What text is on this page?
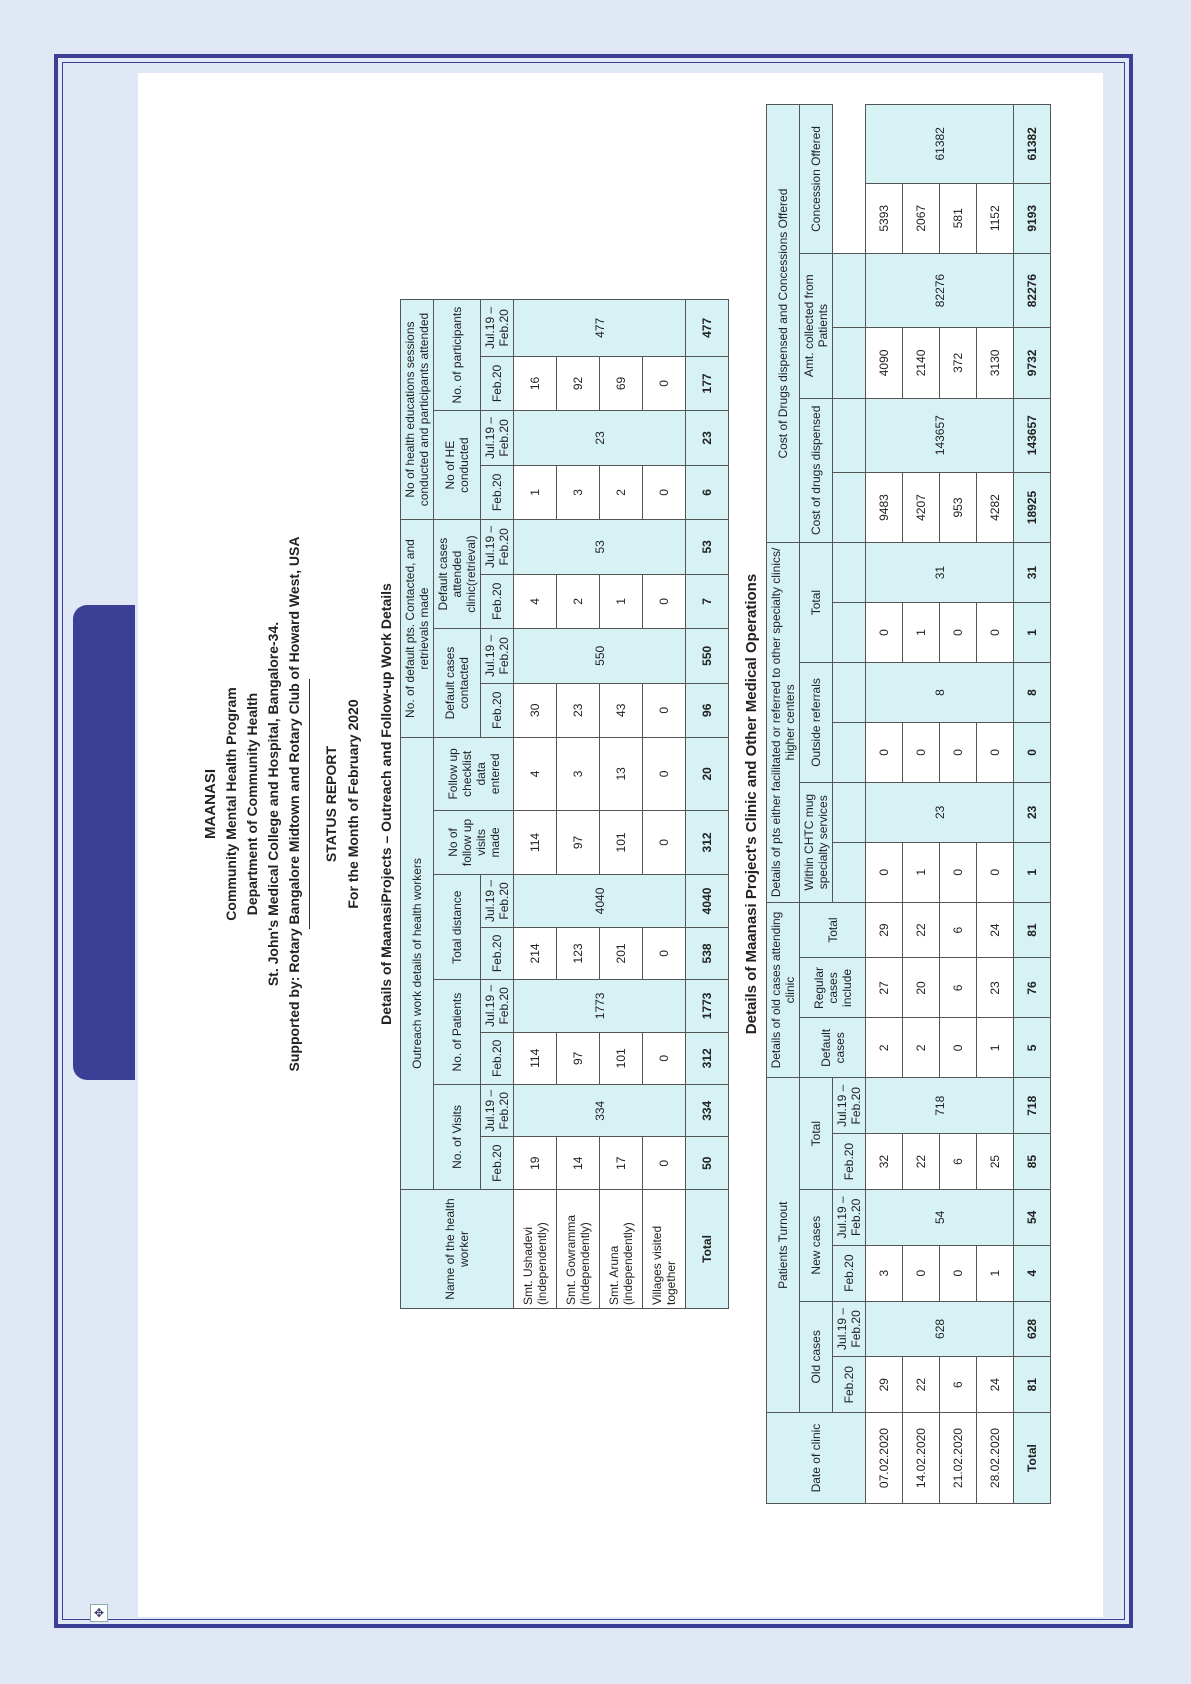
✥
MAANASI Community Mental Health Program Department of Community Health St. John's Medical College and Hospital, Bangalore-34. Supported by: Rotary Bangalore Midtown and Rotary Club of Howard West, USA STATUS REPORT For the Month of February 2020 Details of MaanasiProjects – Outreach and Follow-up Work Details
Name of the health worker	Outreach work details of health workers								No. of default pts. Contacted, and retrievals made				No of health educations sessions conducted and participants attended			
	No. of Visits		No. of Patients		Total distance		No of follow up visits made	Follow up checklist data entered	Default cases contacted		Default cases attended clinic(retrieval)		No of HE conducted		No. of participants	
	Feb.20	Jul.19 – Feb.20	Feb.20	Jul.19 – Feb.20	Feb.20	Jul.19 – Feb.20			Feb.20	Jul.19 – Feb.20	Feb.20	Jul.19 – Feb.20	Feb.20	Jul.19 – Feb.20	Feb.20	Jul.19 – Feb.20
Smt. Ushadevi (independently)	19	334	114	1773	214	4040	114	4	30	550	4	53	1	23	16	477
Smt. Gowramma (independently)	14		97		123		97	3	23		2		3		92	
Smt. Aruna (independently)	17		101		201		101	13	43		1		2		69	
Villages visited together	0		0		0		0	0	0		0		0		0	
Total	50	334	312	1773	538	4040	312	20	96	550	7	53	6	23	177	477
Details of Maanasi Project's Clinic and Other Medical Operations
Date of clinic	Patients Turnout						Details of old cases attending clinic			Details of pts either facilitated or referred to other specialty clinics/ higher centers						Cost of Drugs dispensed and Concessions Offered					
	Old cases		New cases		Total		Default cases	Regular cases include	Total	Within CHTC mug specialty services		Outside referrals		Total		Cost of drugs dispensed		Amt. collected from Patients		Concession Offered	
	Feb.20	Jul.19 – Feb.20	Feb.20	Jul.19 – Feb.20	Feb.20	Jul.19 – Feb.20															
07.02.2020	29	628	3	54	32	718	2	27	29	0	23	0	8	0	31	9483	143657	4090	82276	5393	61382
14.02.2020	22		0		22		2	20	22	1		0		1		4207		2140		2067	
21.02.2020	6		0		6		0	6	6	0		0		0		953		372		581	
28.02.2020	24		1		25		1	23	24	0		0		0		4282		3130		1152	
Total	81	628	4	54	85	718	5	76	81	1	23	0	8	1	31	18925	143657	9732	82276	9193	61382
